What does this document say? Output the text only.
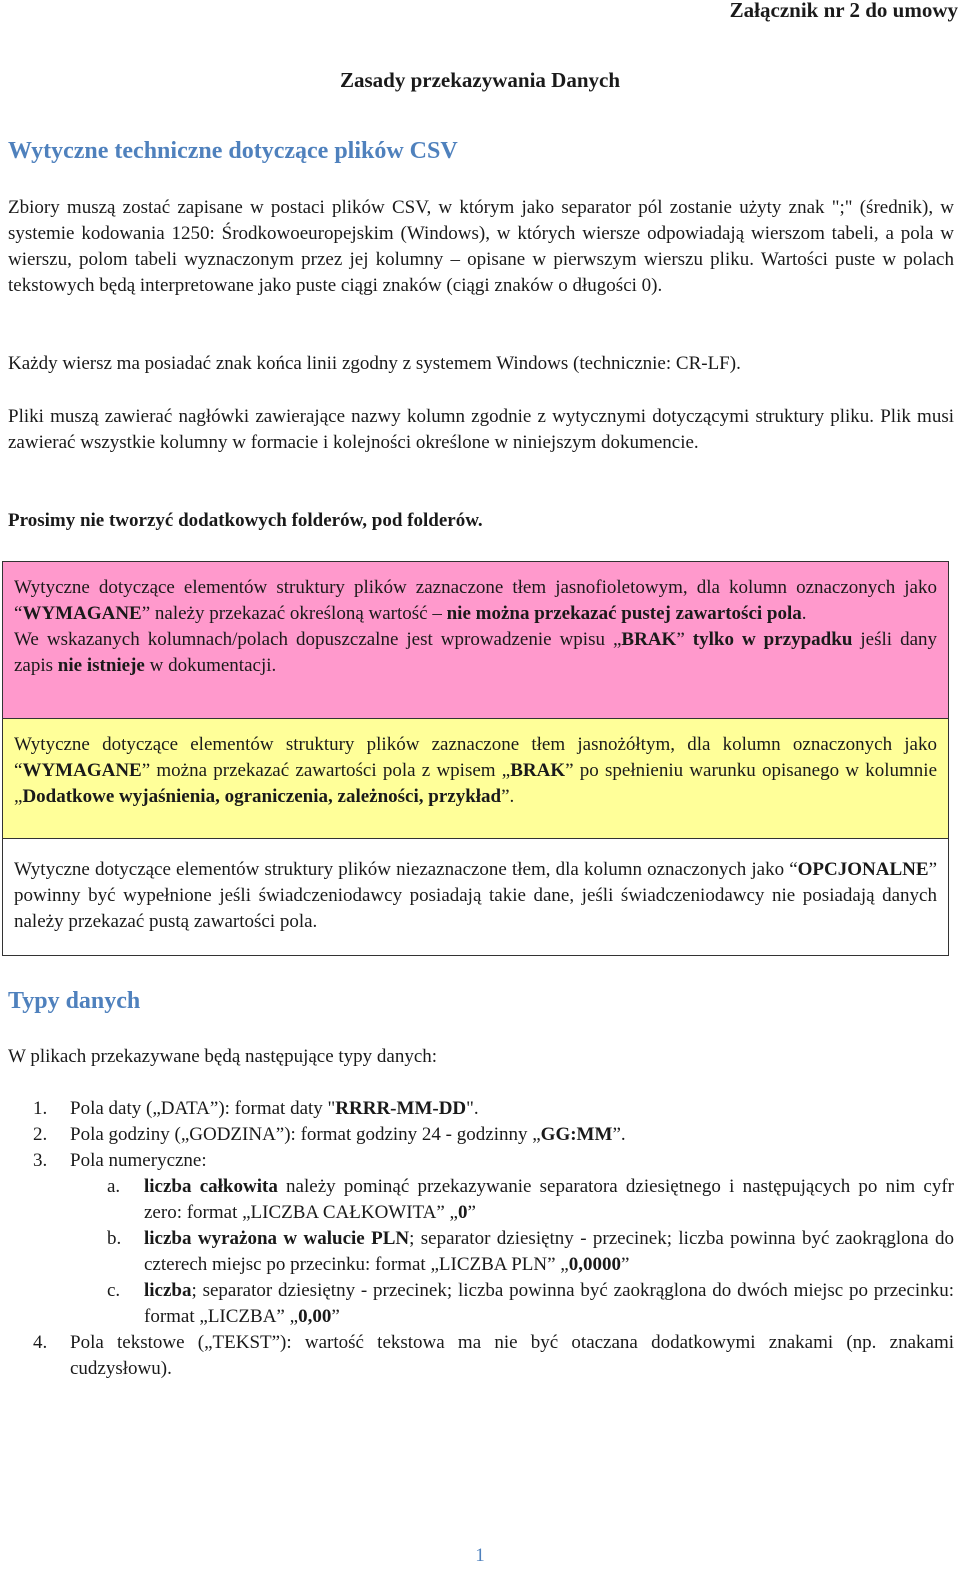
Załącznik nr 2 do umowy
Zasady przekazywania Danych
Wytyczne techniczne dotyczące plików CSV
Zbiory muszą zostać zapisane w postaci plików CSV, w którym jako separator pól zostanie użyty znak ";" (średnik), w systemie kodowania 1250: Środkowoeuropejskim (Windows), w których wiersze odpowiadają wierszom tabeli, a pola w wierszu, polom tabeli wyznaczonym przez jej kolumny – opisane w pierwszym wierszu pliku. Wartości puste w polach tekstowych będą interpretowane jako puste ciągi znaków (ciągi znaków o długości 0).
Każdy wiersz ma posiadać znak końca linii zgodny z systemem Windows (technicznie: CR-LF).
Pliki muszą zawierać nagłówki zawierające nazwy kolumn zgodnie z wytycznymi dotyczącymi struktury pliku. Plik musi zawierać wszystkie kolumny w formacie i kolejności określone w niniejszym dokumencie.
Prosimy nie tworzyć dodatkowych folderów, pod folderów.

Wytyczne dotyczące elementów struktury plików zaznaczone tłem jasnofioletowym, dla kolumn oznaczonych jako “WYMAGANE” należy przekazać określoną wartość – nie można przekazać pustej zawartości pola.

We wskazanych kolumnach/polach dopuszczalne jest wprowadzenie wpisu „BRAK” tylko w przypadku jeśli dany zapis nie istnieje w dokumentacji.

Wytyczne dotyczące elementów struktury plików zaznaczone tłem jasnożółtym, dla kolumn oznaczonych jako “WYMAGANE” można przekazać zawartości pola z wpisem „BRAK” po spełnieniu warunku opisanego w kolumnie „Dodatkowe wyjaśnienia, ograniczenia, zależności, przykład”.

Wytyczne dotyczące elementów struktury plików niezaznaczone tłem, dla kolumn oznaczonych jako “OPCJONALNE” powinny być wypełnione jeśli świadczeniodawcy posiadają takie dane, jeśli świadczeniodawcy nie posiadają danych należy przekazać pustą zawartości pola.

Typy danych
W plikach przekazywane będą następujące typy danych:
1. Pola daty („DATA”): format daty "RRRR-MM-DD".
2. Pola godziny („GODZINA”): format godziny 24 - godzinny „GG:MM”.
3. Pola numeryczne:
a. liczba całkowita należy pominąć przekazywanie separatora dziesiętnego i następujących po nim cyfr zero: format „LICZBA CAŁKOWITA” „0”
b. liczba wyrażona w walucie PLN; separator dziesiętny - przecinek; liczba powinna być zaokrąglona do czterech miejsc po przecinku: format „LICZBA PLN” „0,0000”
c. liczba; separator dziesiętny - przecinek; liczba powinna być zaokrąglona do dwóch miejsc po przecinku: format „LICZBA” „0,00”
4. Pola tekstowe („TEKST”): wartość tekstowa ma nie być otaczana dodatkowymi znakami (np. znakami cudzysłowu).
1
